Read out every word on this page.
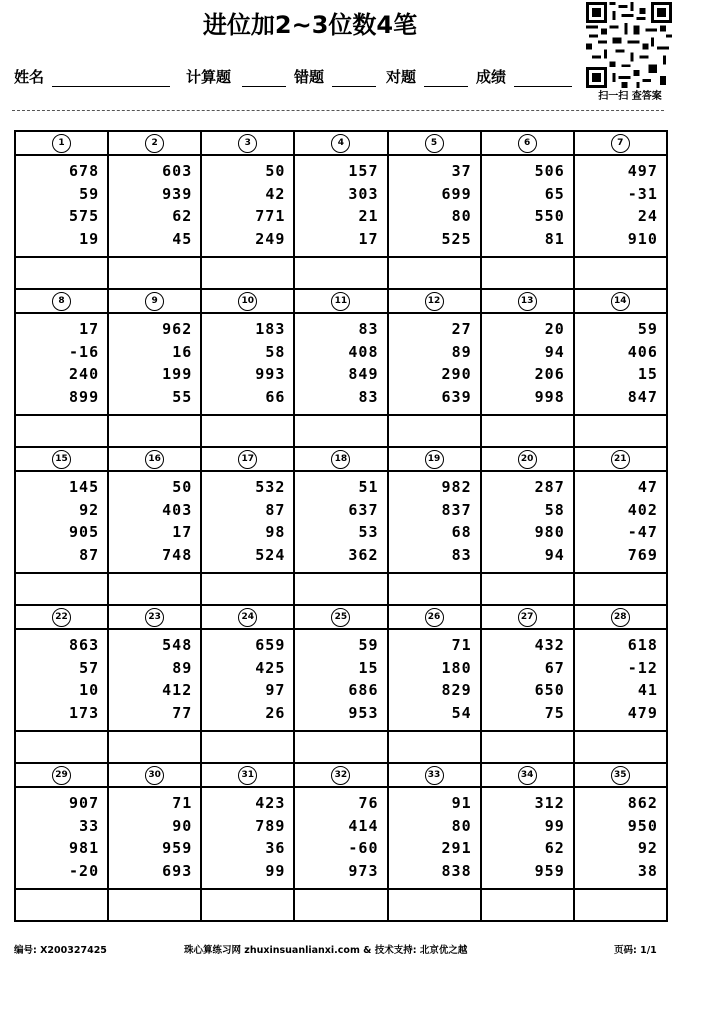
进位加2~3位数4笔
扫一扫 查答案
姓名	计算题	错题	对题	成绩
1	2	3	4	5	6	7
678
59
575
19
603
939
62
45
50
42
771
249
157
303
21
17
37
699
80
525
506
65
550
81
497
-31
24
910
8	9	10	11	12	13	14
17
-16
240
899
962
16
199
55
183
58
993
66
83
408
849
83
27
89
290
639
20
94
206
998
59
406
15
847
15	16	17	18	19	20	21
145
92
905
87
50
403
17
748
532
87
98
524
51
637
53
362
982
837
68
83
287
58
980
94
47
402
-47
769
22	23	24	25	26	27	28
863
57
10
173
548
89
412
77
659
425
97
26
59
15
686
953
71
180
829
54
432
67
650
75
618
-12
41
479
29	30	31	32	33	34	35
907
33
981
-20
71
90
959
693
423
789
36
99
76
414
-60
973
91
80
291
838
312
99
62
959
862
950
92
38
编号: X200327425	珠心算练习网 zhuxinsuanlianxi.com & 技术支持: 北京优之越	页码: 1/1
